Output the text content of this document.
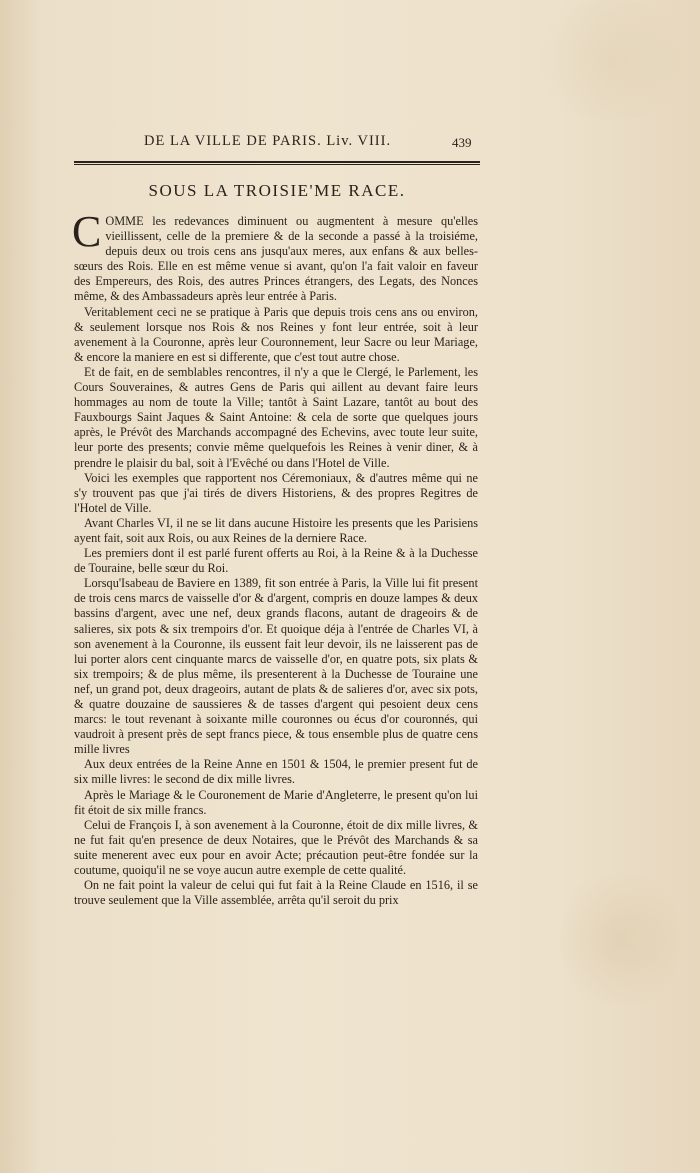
DE LA VILLE DE PARIS. Liv. VIII.	439
SOUS LA TROISIE'ME RACE.

COMME les redevances diminuent ou augmentent à mesure qu'elles vieillissent, celle de la premiere & de la seconde a passé à la troisiéme, depuis deux ou trois cens ans jusqu'aux meres, aux enfans & aux belles-sœurs des Rois. Elle en est même venue si avant, qu'on l'a fait valoir en faveur des Empereurs, des Rois, des autres Princes étrangers, des Legats, des Nonces même, & des Ambassadeurs après leur entrée à Paris.

Veritablement ceci ne se pratique à Paris que depuis trois cens ans ou environ, & seulement lorsque nos Rois & nos Reines y font leur entrée, soit à leur avenement à la Couronne, après leur Couronnement, leur Sacre ou leur Mariage, & encore la maniere en est si differente, que c'est tout autre chose.

Et de fait, en de semblables rencontres, il n'y a que le Clergé, le Parlement, les Cours Souveraines, & autres Gens de Paris qui aillent au devant faire leurs hommages au nom de toute la Ville; tantôt à Saint Lazare, tantôt au bout des Fauxbourgs Saint Jaques & Saint Antoine: & cela de sorte que quelques jours après, le Prévôt des Marchands accompagné des Echevins, avec toute leur suite, leur porte des presents; convie même quelquefois les Reines à venir diner, & à prendre le plaisir du bal, soit à l'Evêché ou dans l'Hotel de Ville.

Voici les exemples que rapportent nos Céremoniaux, & d'autres même qui ne s'y trouvent pas que j'ai tirés de divers Historiens, & des propres Regitres de l'Hotel de Ville.

Avant Charles VI, il ne se lit dans aucune Histoire les presents que les Parisiens ayent fait, soit aux Rois, ou aux Reines de la derniere Race.

Les premiers dont il est parlé furent offerts au Roi, à la Reine & à la Duchesse de Touraine, belle sœur du Roi.

Lorsqu'Isabeau de Baviere en 1389, fit son entrée à Paris, la Ville lui fit present de trois cens marcs de vaisselle d'or & d'argent, compris en douze lampes & deux bassins d'argent, avec une nef, deux grands flacons, autant de drageoirs & de salieres, six pots & six trempoirs d'or. Et quoique déja à l'entrée de Charles VI, à son avenement à la Couronne, ils eussent fait leur devoir, ils ne laisserent pas de lui porter alors cent cinquante marcs de vaisselle d'or, en quatre pots, six plats & six trempoirs; & de plus même, ils presenterent à la Duchesse de Touraine une nef, un grand pot, deux drageoirs, autant de plats & de salieres d'or, avec six pots, & quatre douzaine de saussieres & de tasses d'argent qui pesoient deux cens marcs: le tout revenant à soixante mille couronnes ou écus d'or couronnés, qui vaudroit à present près de sept francs piece, & tous ensemble plus de quatre cens mille livres

Aux deux entrées de la Reine Anne en 1501 & 1504, le premier present fut de six mille livres: le second de dix mille livres.

Après le Mariage & le Couronement de Marie d'Angleterre, le present qu'on lui fit étoit de six mille francs.

Celui de François I, à son avenement à la Couronne, étoit de dix mille livres, & ne fut fait qu'en presence de deux Notaires, que le Prévôt des Marchands & sa suite menerent avec eux pour en avoir Acte; précaution peut-être fondée sur la coutume, quoiqu'il ne se voye aucun autre exemple de cette qualité.

On ne fait point la valeur de celui qui fut fait à la Reine Claude en 1516, il se trouve seulement que la Ville assemblée, arrêta qu'il seroit du prix
